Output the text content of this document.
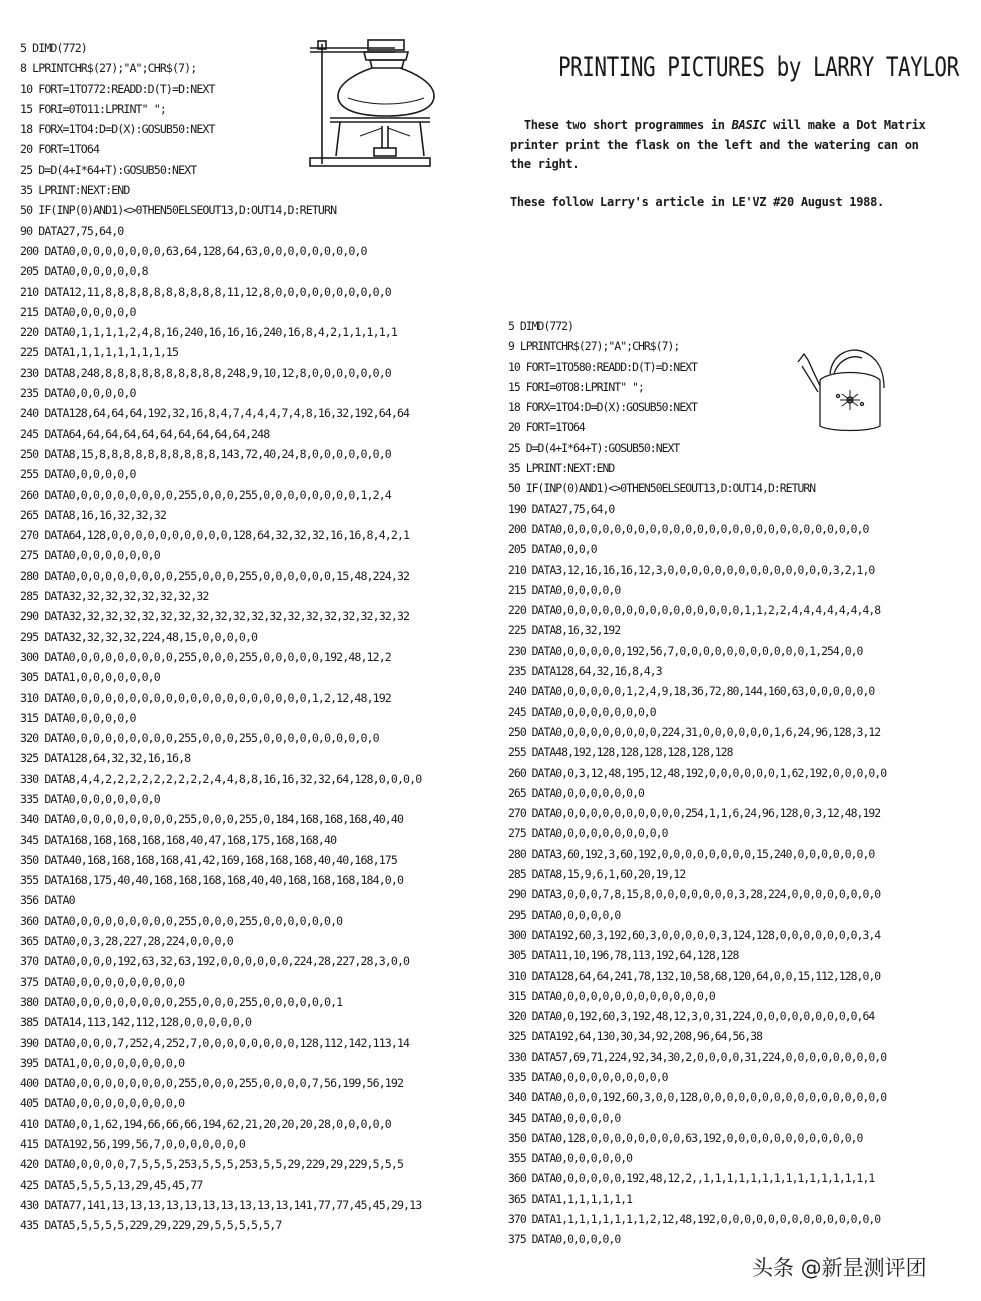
5 DIMD(772)
8 LPRINTCHR$(27);"A";CHR$(7);
10 FORT=1TO772:READD:D(T)=D:NEXT
15 FORI=0TO11:LPRINT" ";
18 FORX=1TO4:D=D(X):GOSUB50:NEXT
20 FORT=1TO64
25 D=D(4+I*64+T):GOSUB50:NEXT
35 LPRINT:NEXT:END
50 IF(INP(0)AND1)<>0THEN50ELSEOUT13,D:OUT14,D:RETURN
90 DATA27,75,64,0
200 DATA0,0,0,0,0,0,0,0,63,64,128,64,63,0,0,0,0,0,0,0,0,0
205 DATA0,0,0,0,0,0,8
210 DATA12,11,8,8,8,8,8,8,8,8,8,8,11,12,8,0,0,0,0,0,0,0,0,0,0
215 DATA0,0,0,0,0,0
220 DATA0,1,1,1,1,2,4,8,16,240,16,16,16,240,16,8,4,2,1,1,1,1,1
225 DATA1,1,1,1,1,1,1,1,15
230 DATA8,248,8,8,8,8,8,8,8,8,8,8,248,9,10,12,8,0,0,0,0,0,0,0
235 DATA0,0,0,0,0,0
240 DATA128,64,64,64,192,32,16,8,4,7,4,4,4,7,4,8,16,32,192,64,64
245 DATA64,64,64,64,64,64,64,64,64,64,248
250 DATA8,15,8,8,8,8,8,8,8,8,8,8,143,72,40,24,8,0,0,0,0,0,0,0
255 DATA0,0,0,0,0,0
260 DATA0,0,0,0,0,0,0,0,0,255,0,0,0,255,0,0,0,0,0,0,0,0,1,2,4
265 DATA8,16,16,32,32,32
270 DATA64,128,0,0,0,0,0,0,0,0,0,0,128,64,32,32,32,16,16,8,4,2,1
275 DATA0,0,0,0,0,0,0,0
280 DATA0,0,0,0,0,0,0,0,0,255,0,0,0,255,0,0,0,0,0,0,15,48,224,32
285 DATA32,32,32,32,32,32,32,32
290 DATA32,32,32,32,32,32,32,32,32,32,32,32,32,32,32,32,32,32,32
295 DATA32,32,32,32,224,48,15,0,0,0,0,0
300 DATA0,0,0,0,0,0,0,0,0,255,0,0,0,255,0,0,0,0,0,192,48,12,2
305 DATA1,0,0,0,0,0,0,0
310 DATA0,0,0,0,0,0,0,0,0,0,0,0,0,0,0,0,0,0,0,0,1,2,12,48,192
315 DATA0,0,0,0,0,0
320 DATA0,0,0,0,0,0,0,0,0,255,0,0,0,255,0,0,0,0,0,0,0,0,0,0
325 DATA128,64,32,32,16,16,8
330 DATA8,4,4,2,2,2,2,2,2,2,2,2,4,4,8,8,16,16,32,32,64,128,0,0,0,0
335 DATA0,0,0,0,0,0,0,0
340 DATA0,0,0,0,0,0,0,0,0,255,0,0,0,255,0,184,168,168,168,40,40
345 DATA168,168,168,168,168,40,47,168,175,168,168,40
350 DATA40,168,168,168,168,41,42,169,168,168,168,40,40,168,175
355 DATA168,175,40,40,168,168,168,168,40,40,168,168,168,184,0,0
356 DATA0
360 DATA0,0,0,0,0,0,0,0,0,255,0,0,0,255,0,0,0,0,0,0,0
365 DATA0,0,3,28,227,28,224,0,0,0,0
370 DATA0,0,0,0,192,63,32,63,192,0,0,0,0,0,0,224,28,227,28,3,0,0
375 DATA0,0,0,0,0,0,0,0,0,0
380 DATA0,0,0,0,0,0,0,0,0,255,0,0,0,255,0,0,0,0,0,0,1
385 DATA14,113,142,112,128,0,0,0,0,0,0
390 DATA0,0,0,0,7,252,4,252,7,0,0,0,0,0,0,0,0,128,112,142,113,14
395 DATA1,0,0,0,0,0,0,0,0,0
400 DATA0,0,0,0,0,0,0,0,0,255,0,0,0,255,0,0,0,0,7,56,199,56,192
405 DATA0,0,0,0,0,0,0,0,0,0
410 DATA0,0,1,62,194,66,66,66,194,62,21,20,20,20,28,0,0,0,0,0
415 DATA192,56,199,56,7,0,0,0,0,0,0,0
420 DATA0,0,0,0,0,7,5,5,5,253,5,5,5,253,5,5,29,229,29,229,5,5,5
425 DATA5,5,5,5,13,29,45,45,77
430 DATA77,141,13,13,13,13,13,13,13,13,13,13,141,77,77,45,45,29,13
435 DATA5,5,5,5,5,229,29,229,29,5,5,5,5,5,7
PRINTING PICTURES by LARRY TAYLOR

These two short programmes in BASIC will make a Dot Matrix
printer print the flask on the left and the watering can on
the right.

These follow Larry's article in LE'VZ #20 August 1988.

5 DIMD(772)
9 LPRINTCHR$(27);"A";CHR$(7);
10 FORT=1TO580:READD:D(T)=D:NEXT
15 FORI=0TO8:LPRINT" ";
18 FORX=1TO4:D=D(X):GOSUB50:NEXT
20 FORT=1TO64
25 D=D(4+I*64+T):GOSUB50:NEXT
35 LPRINT:NEXT:END
50 IF(INP(0)AND1)<>0THEN50ELSEOUT13,D:OUT14,D:RETURN
190 DATA27,75,64,0
200 DATA0,0,0,0,0,0,0,0,0,0,0,0,0,0,0,0,0,0,0,0,0,0,0,0,0,0,0
205 DATA0,0,0,0
210 DATA3,12,16,16,16,12,3,0,0,0,0,0,0,0,0,0,0,0,0,0,0,3,2,1,0
215 DATA0,0,0,0,0,0
220 DATA0,0,0,0,0,0,0,0,0,0,0,0,0,0,0,0,1,1,2,2,4,4,4,4,4,4,4,8
225 DATA8,16,32,192
230 DATA0,0,0,0,0,0,192,56,7,0,0,0,0,0,0,0,0,0,0,0,1,254,0,0
235 DATA128,64,32,16,8,4,3
240 DATA0,0,0,0,0,0,1,2,4,9,18,36,72,80,144,160,63,0,0,0,0,0,0
245 DATA0,0,0,0,0,0,0,0,0
250 DATA0,0,0,0,0,0,0,0,0,224,31,0,0,0,0,0,0,1,6,24,96,128,3,12
255 DATA48,192,128,128,128,128,128,128
260 DATA0,0,3,12,48,195,12,48,192,0,0,0,0,0,0,1,62,192,0,0,0,0,0
265 DATA0,0,0,0,0,0,0,0
270 DATA0,0,0,0,0,0,0,0,0,0,0,254,1,1,6,24,96,128,0,3,12,48,192
275 DATA0,0,0,0,0,0,0,0,0,0
280 DATA3,60,192,3,60,192,0,0,0,0,0,0,0,0,15,240,0,0,0,0,0,0,0
285 DATA8,15,9,6,1,60,20,19,12
290 DATA3,0,0,0,7,8,15,8,0,0,0,0,0,0,0,3,28,224,0,0,0,0,0,0,0,0
295 DATA0,0,0,0,0,0
300 DATA192,60,3,192,60,3,0,0,0,0,0,3,124,128,0,0,0,0,0,0,0,3,4
305 DATA11,10,196,78,113,192,64,128,128
310 DATA128,64,64,241,78,132,10,58,68,120,64,0,0,15,112,128,0,0
315 DATA0,0,0,0,0,0,0,0,0,0,0,0,0,0
320 DATA0,0,192,60,3,192,48,12,3,0,31,224,0,0,0,0,0,0,0,0,0,64
325 DATA192,64,130,30,34,92,208,96,64,56,38
330 DATA57,69,71,224,92,34,30,2,0,0,0,0,31,224,0,0,0,0,0,0,0,0,0
335 DATA0,0,0,0,0,0,0,0,0,0
340 DATA0,0,0,0,192,60,3,0,0,128,0,0,0,0,0,0,0,0,0,0,0,0,0,0,0,0
345 DATA0,0,0,0,0,0
350 DATA0,128,0,0,0,0,0,0,0,0,63,192,0,0,0,0,0,0,0,0,0,0,0,0
355 DATA0,0,0,0,0,0,0
360 DATA0,0,0,0,0,0,192,48,12,2,,1,1,1,1,1,1,1,1,1,1,1,1,1,1,1
365 DATA1,1,1,1,1,1,1
370 DATA1,1,1,1,1,1,1,1,2,12,48,192,0,0,0,0,0,0,0,0,0,0,0,0,0,0
375 DATA0,0,0,0,0,0
头条 @新昰测评团
